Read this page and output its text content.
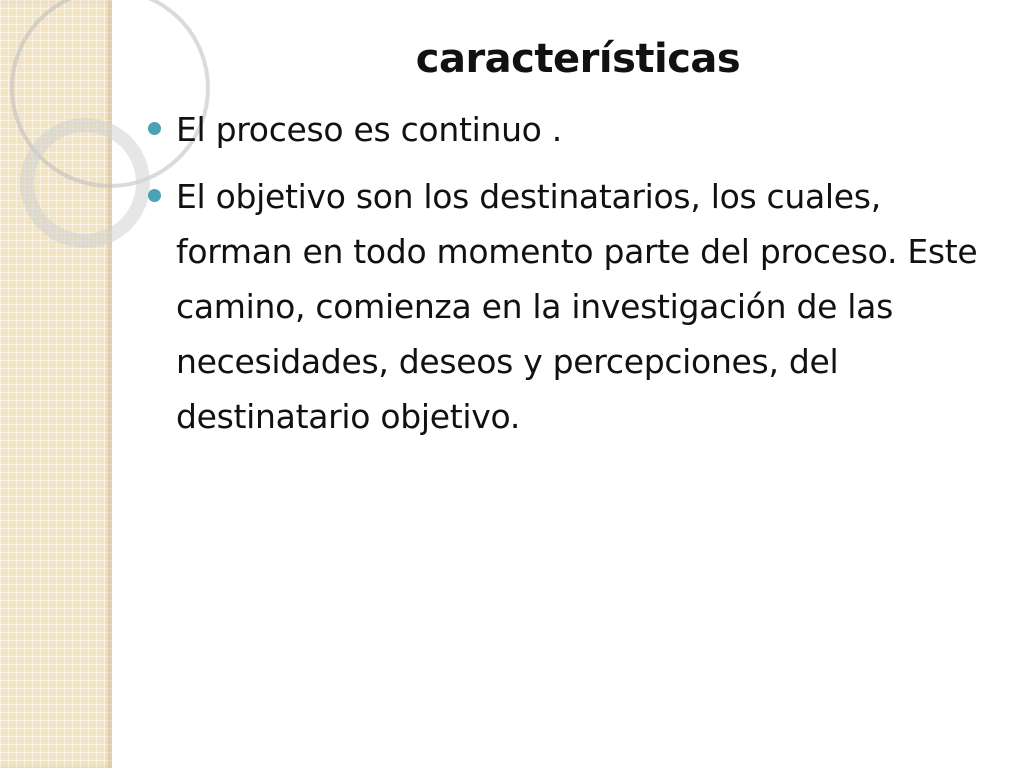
características
El proceso es continuo .
El objetivo son los destinatarios, los cuales, forman en todo momento parte del proceso. Este camino, comienza en la investigación de las necesidades, deseos y percepciones, del destinatario objetivo.
